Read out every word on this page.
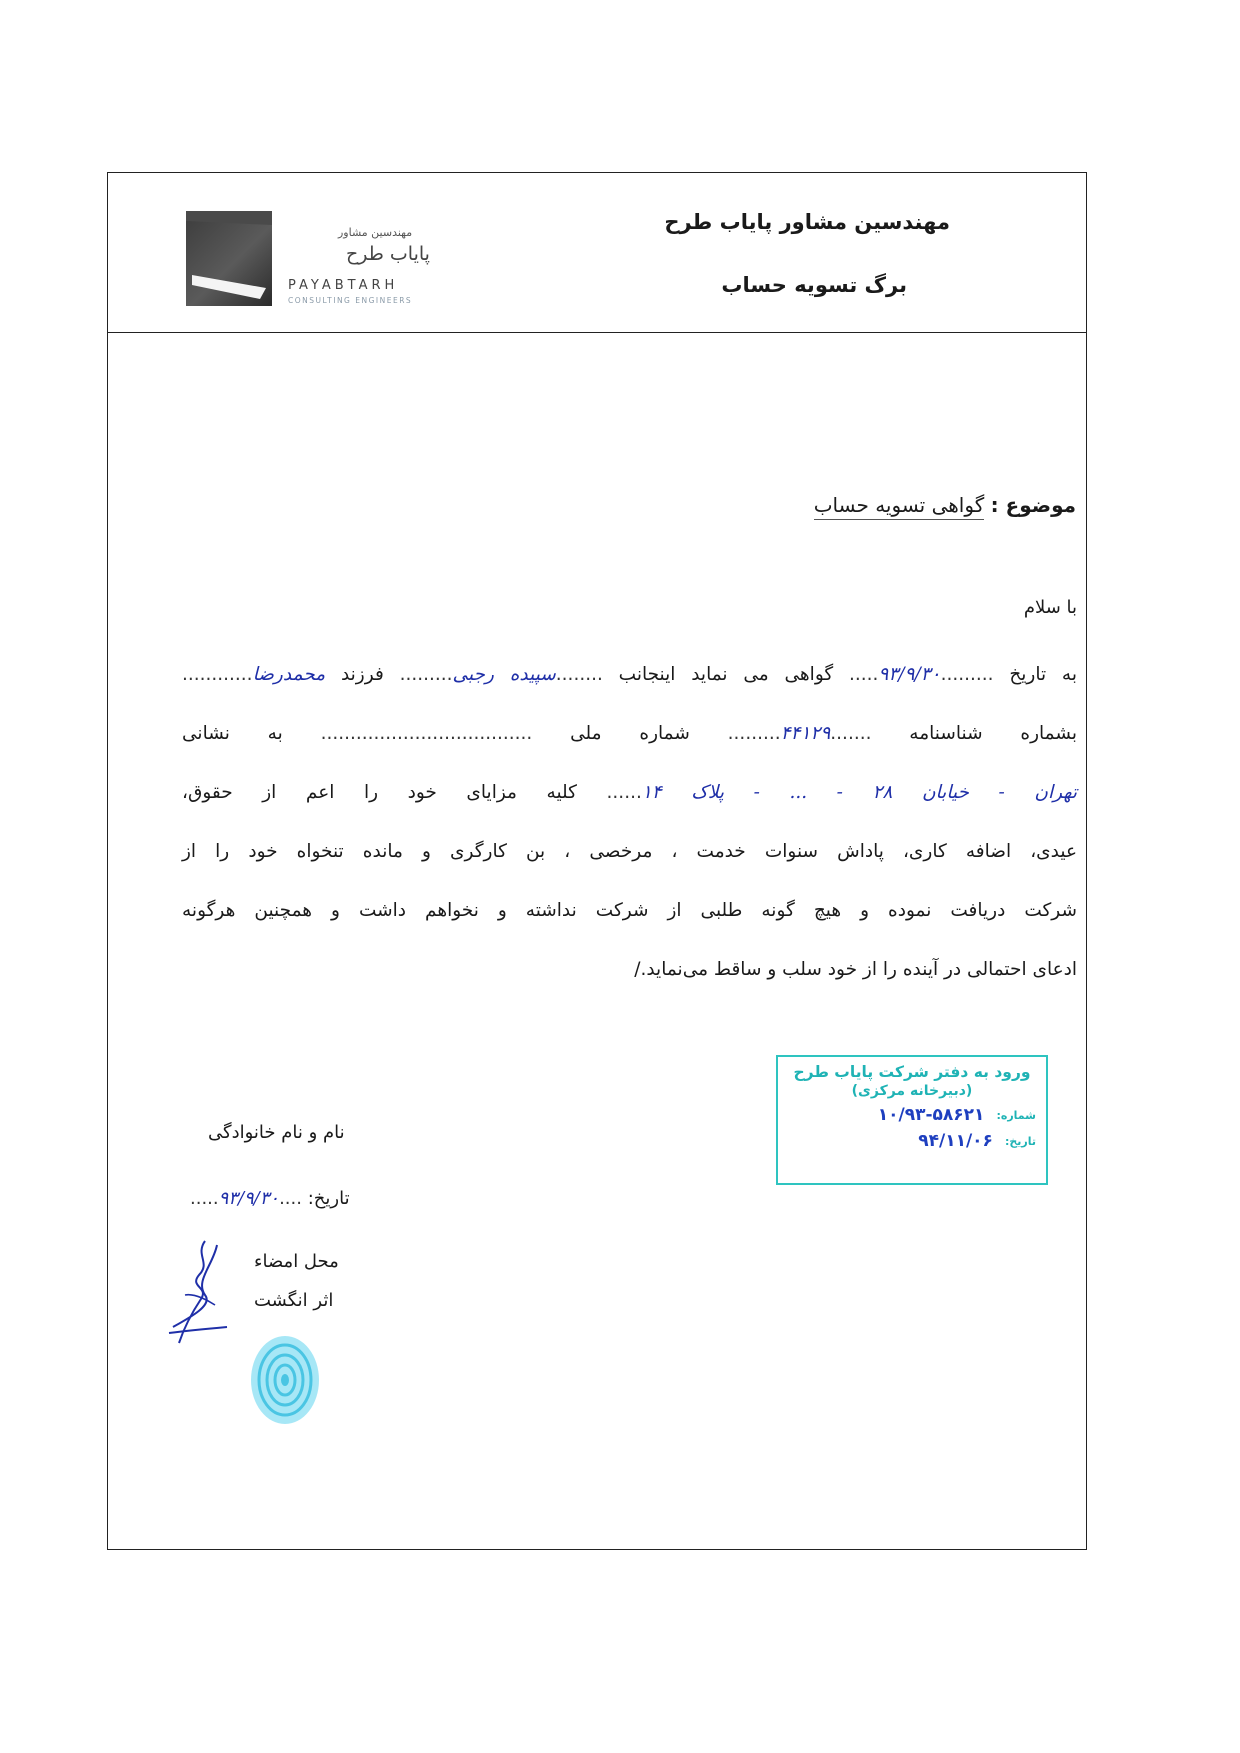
مهندسین مشاور پایاب طرح
برگ تسویه حساب
مهندسین مشاور
پایاب طرح
PAYABTARH
CONSULTING ENGINEERS
موضوع : گواهی تسویه حساب
با سلام
به تاریخ .........۹۳/۹/۳۰..... گواهی می نماید اینجانب ........سپیده رجبی......... فرزند محمدرضا............
بشماره شناسنامه .......۴۴۱۲۹......... شماره ملی .................................... به نشانی
تهران - خیابان ۲۸ - ... - پلاک ۱۴...... کلیه مزایای خود را اعم از حقوق،
عیدی، اضافه کاری، پاداش سنوات خدمت ، مرخصی ، بن کارگری و مانده تنخواه خود را از
شرکت دریافت نموده و هیچ گونه طلبی از شرکت نداشته و نخواهم داشت و همچنین هرگونه
ادعای احتمالی در آینده را از خود سلب و ساقط می‌نماید./
ورود به دفتر شرکت پایاب طرح
(دبیرخانه مرکزی)
شماره:
۱۰/۹۳-۵۸۶۲۱
تاریخ:
۹۴/۱۱/۰۶
نام و نام خانوادگی
تاریخ: ....۹۳/۹/۳۰.....
محل امضاء
اثر انگشت
